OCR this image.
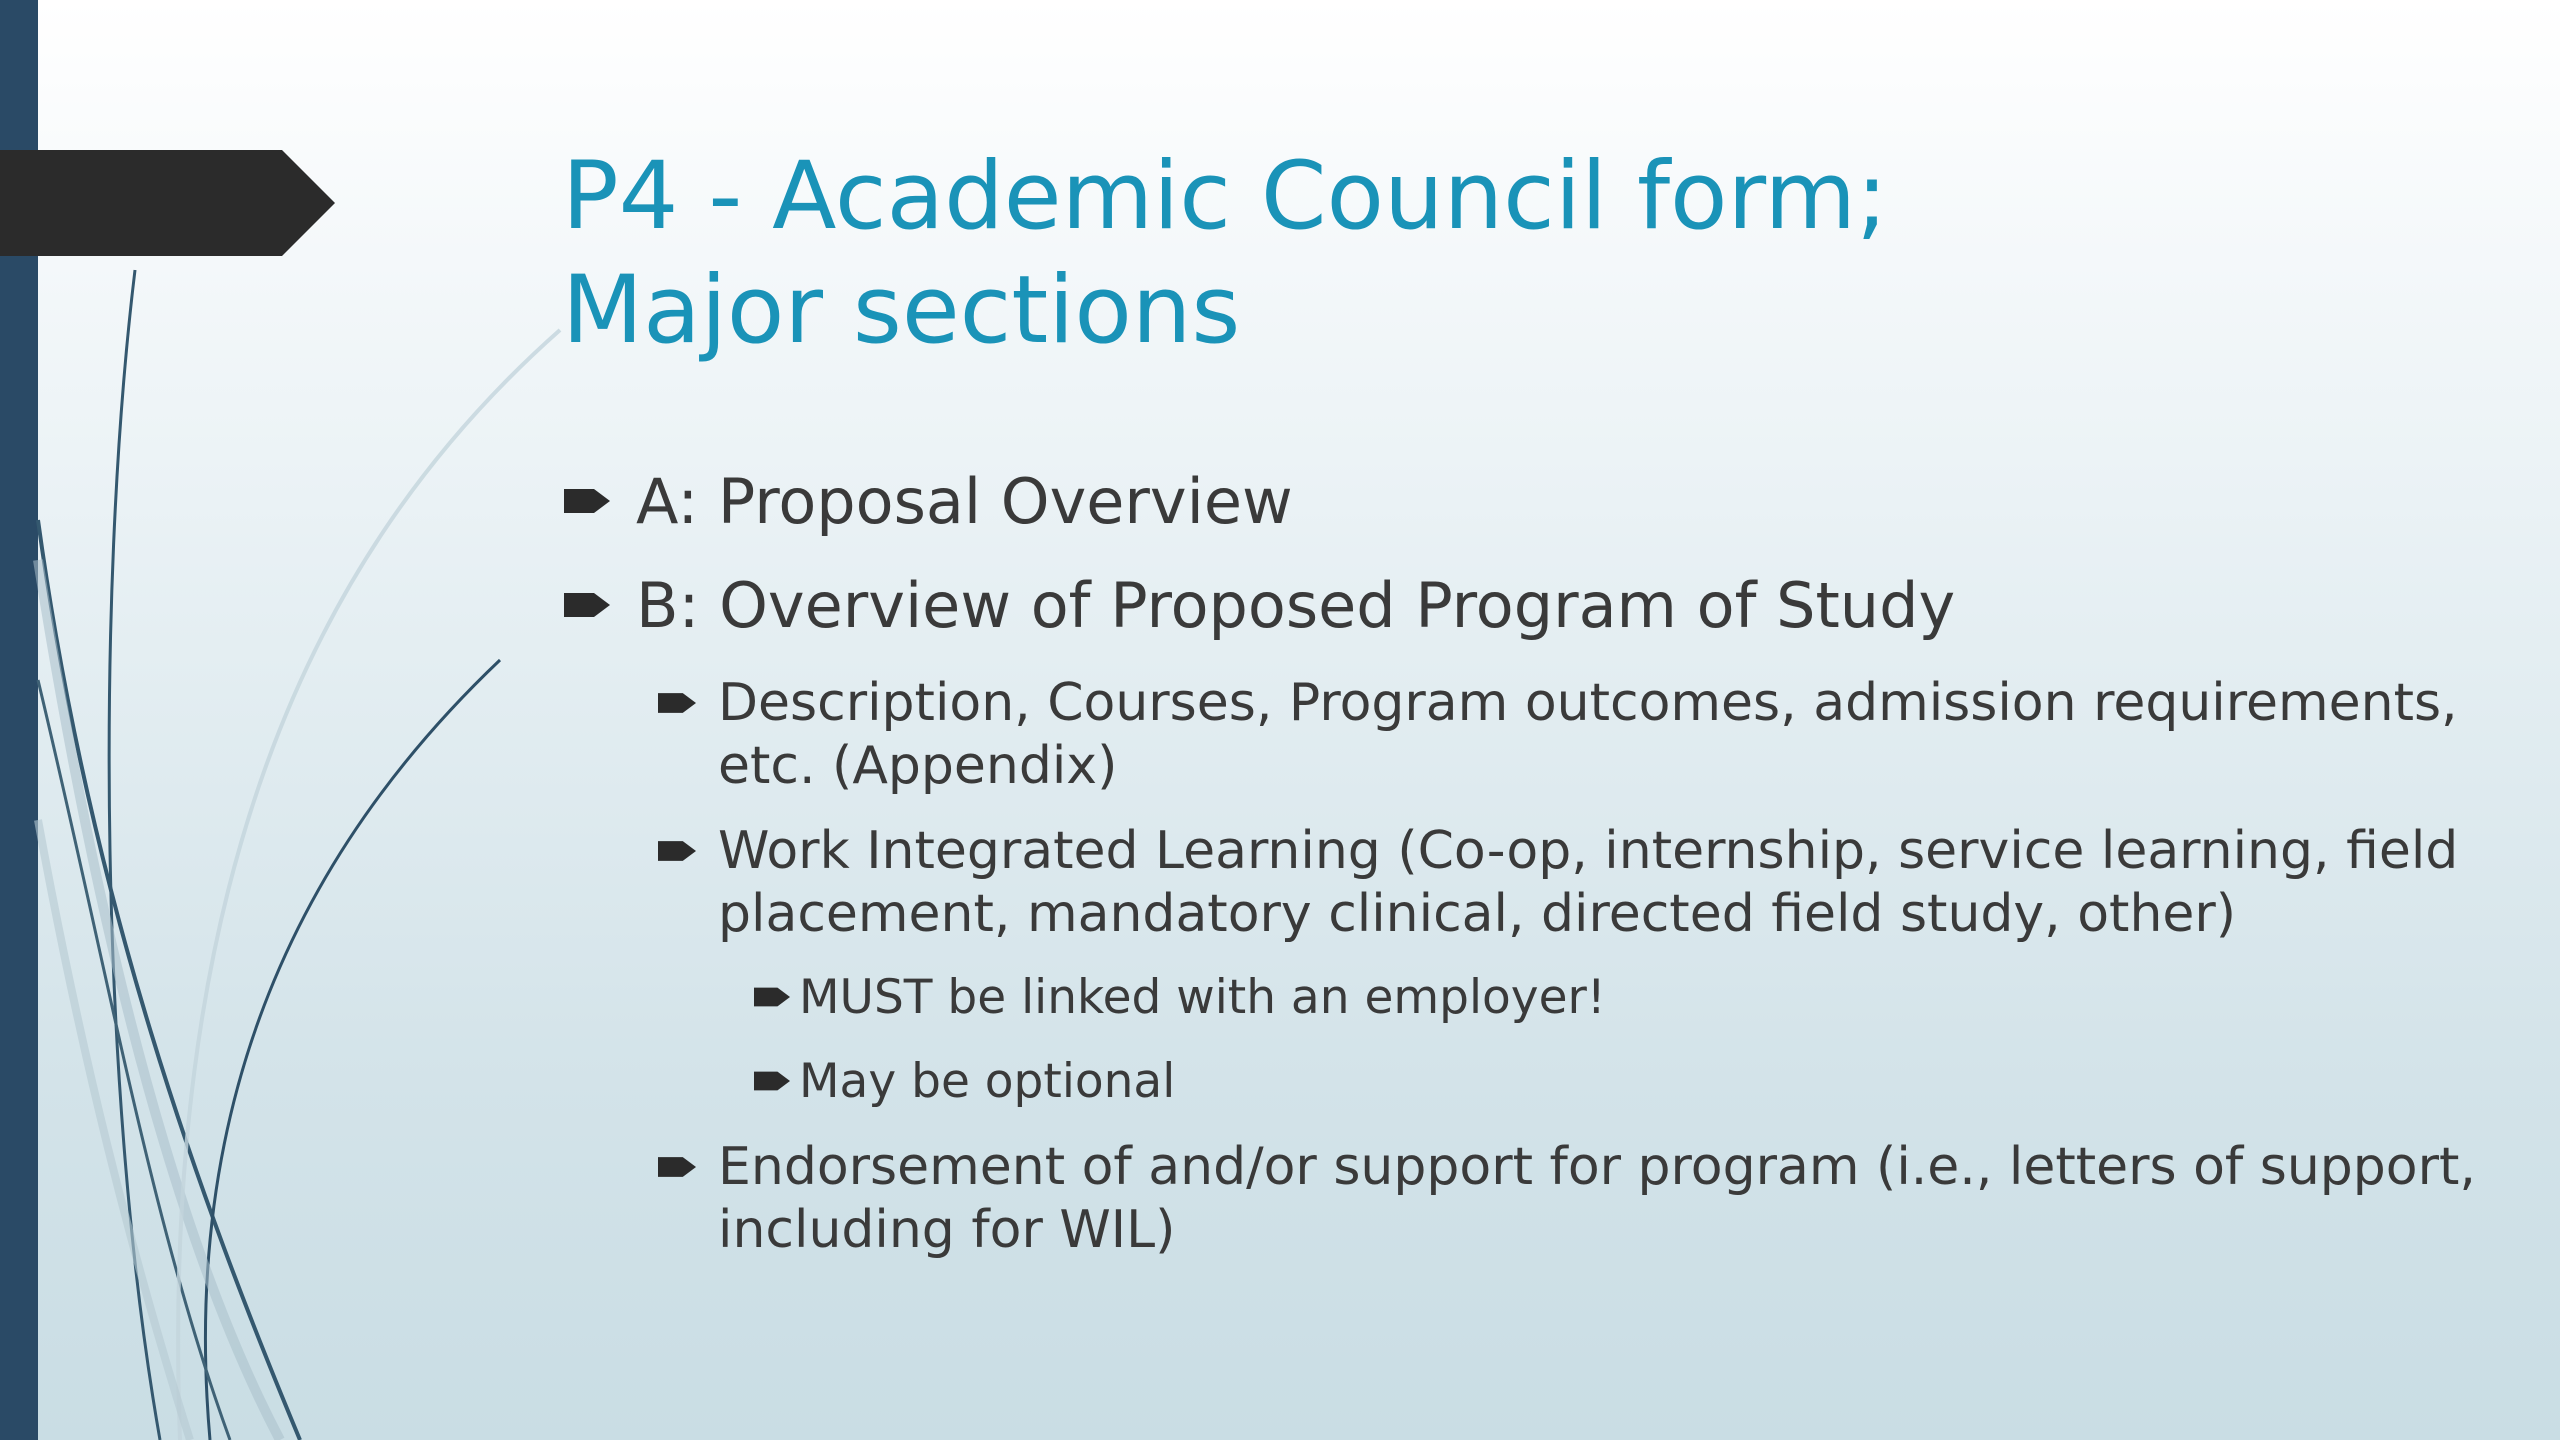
P4 - Academic Council form;
Major sections
A: Proposal Overview
B: Overview of Proposed Program of Study
Description, Courses, Program outcomes, admission requirements, etc. (Appendix)
Work Integrated Learning (Co-op, internship, service learning, field placement, mandatory clinical, directed field study, other)
MUST be linked with an employer!
May be optional
Endorsement of and/or support for program (i.e., letters of support, including for WIL)
